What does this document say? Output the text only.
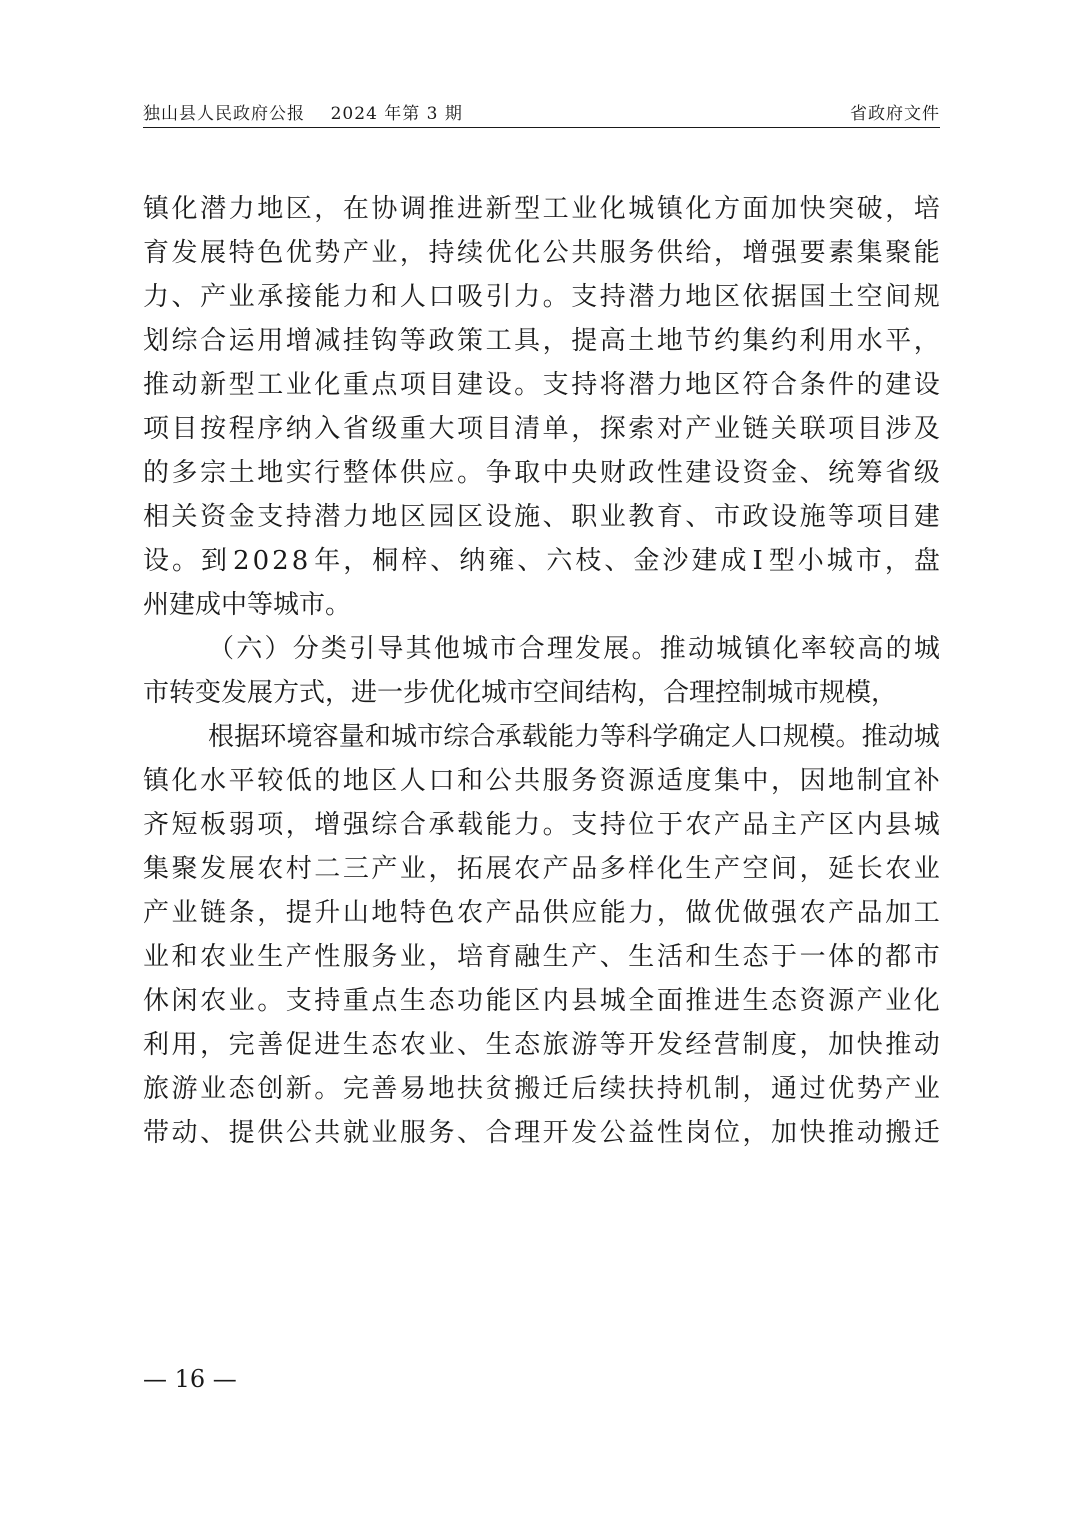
独山县人民政府公报    2024 年第 3 期	省政府文件
镇 化 潜 力 地 区 ， 在 协 调 推 进 新 型 工 业 化 城 镇 化 方 面 加 快 突 破 ， 培
育 发 展 特 色 优 势 产 业 ， 持 续 优 化 公 共 服 务 供 给 ， 增 强 要 素 集 聚 能
力 、 产 业 承 接 能 力 和 人 口 吸 引 力 。 支 持 潜 力 地 区 依 据 国 土 空 间 规
划 综 合 运 用 增 减 挂 钩 等 政 策 工 具 ， 提 高 土 地 节 约 集 约 利 用 水 平 ，
推 动 新 型 工 业 化 重 点 项 目 建 设 。 支 持 将 潜 力 地 区 符 合 条 件 的 建 设
项 目 按 程 序 纳 入 省 级 重 大 项 目 清 单 ， 探 索 对 产 业 链 关 联 项 目 涉 及
的 多 宗 土 地 实 行 整 体 供 应 。 争 取 中 央 财 政 性 建 设 资 金 、 统 筹 省 级
相 关 资 金 支 持 潜 力 地 区 园 区 设 施 、 职 业 教 育 、 市 政 设 施 等 项 目 建
设 。 到 2 0 2 8 年 ， 桐 梓 、 纳 雍 、 六 枝 、 金 沙 建 成 I 型 小 城 市 ， 盘
州建成中等城市。
（ 六 ） 分 类 引 导 其 他 城 市 合 理 发 展 。 推 动 城 镇 化 率 较 高 的 城
市转变发展方式，进一步优化城市空间结构，合理控制城市规模，
根 据 环 境 容 量 和 城 市 综 合 承 载 能 力 等 科 学 确 定 人 口 规 模 。 推 动 城
镇 化 水 平 较 低 的 地 区 人 口 和 公 共 服 务 资 源 适 度 集 中 ， 因 地 制 宜 补
齐 短 板 弱 项 ， 增 强 综 合 承 载 能 力 。 支 持 位 于 农 产 品 主 产 区 内 县 城
集 聚 发 展 农 村 二 三 产 业 ， 拓 展 农 产 品 多 样 化 生 产 空 间 ， 延 长 农 业
产 业 链 条 ， 提 升 山 地 特 色 农 产 品 供 应 能 力 ， 做 优 做 强 农 产 品 加 工
业 和 农 业 生 产 性 服 务 业 ， 培 育 融 生 产 、 生 活 和 生 态 于 一 体 的 都 市
休 闲 农 业 。 支 持 重 点 生 态 功 能 区 内 县 城 全 面 推 进 生 态 资 源 产 业 化
利 用 ， 完 善 促 进 生 态 农 业 、 生 态 旅 游 等 开 发 经 营 制 度 ， 加 快 推 动
旅 游 业 态 创 新 。 完 善 易 地 扶 贫 搬 迁 后 续 扶 持 机 制 ， 通 过 优 势 产 业
带 动 、 提 供 公 共 就 业 服 务 、 合 理 开 发 公 益 性 岗 位 ， 加 快 推 动 搬 迁
— 16 —
